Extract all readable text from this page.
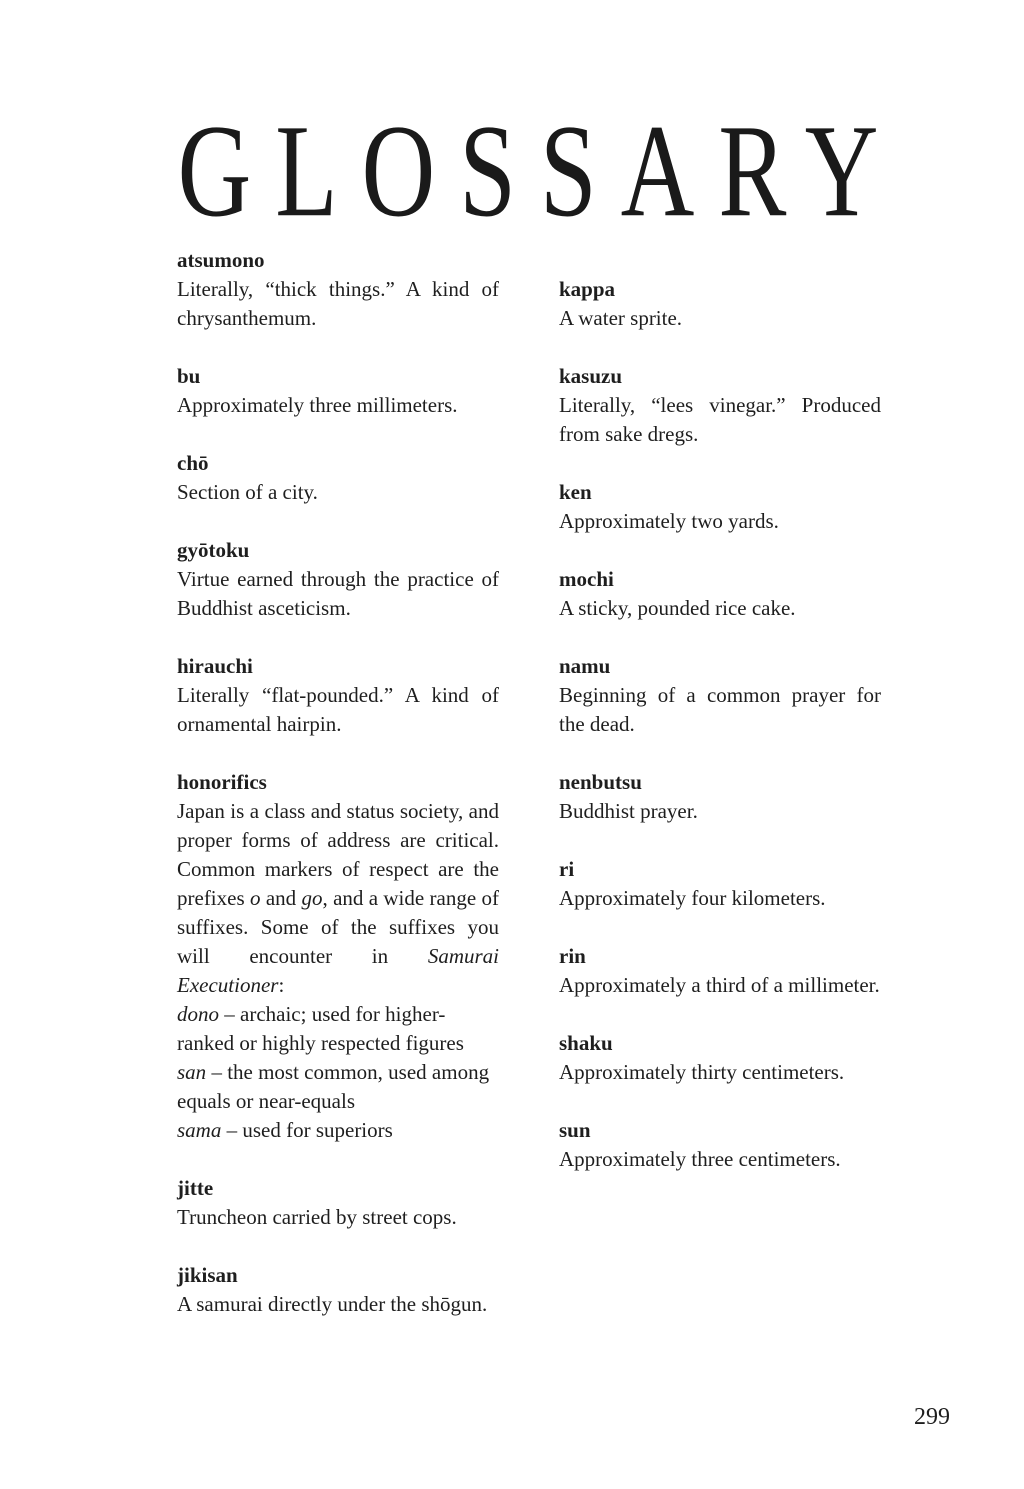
GLOSSARY
atsumono
Literally, “thick things.” A kind of chrysanthemum.
bu
Approximately three millimeters.
chō
Section of a city.
gyōtoku
Virtue earned through the practice of Buddhist asceticism.
hirauchi
Literally “flat-pounded.” A kind of ornamental hairpin.
honorifics
Japan is a class and status society, and proper forms of address are critical. Common markers of respect are the prefixes o and go, and a wide range of suffixes. Some of the suffixes you will encounter in Samurai Executioner:
dono – archaic; used for higher-ranked or highly respected figures
san – the most common, used among equals or near-equals
sama – used for superiors
jitte
Truncheon carried by street cops.
jikisan
A samurai directly under the shōgun.
kappa
A water sprite.
kasuzu
Literally, “lees vinegar.” Produced from sake dregs.
ken
Approximately two yards.
mochi
A sticky, pounded rice cake.
namu
Beginning of a common prayer for the dead.
nenbutsu
Buddhist prayer.
ri
Approximately four kilometers.
rin
Approximately a third of a millimeter.
shaku
Approximately thirty centimeters.
sun
Approximately three centimeters.
299
